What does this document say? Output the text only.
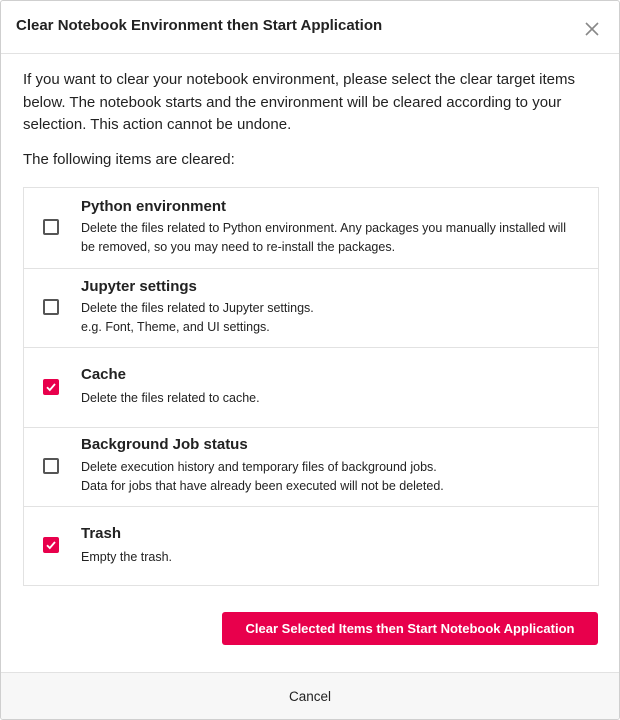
Clear Notebook Environment then Start Application

If you want to clear your notebook environment, please select the clear target items below. The notebook starts and the environment will be cleared according to your selection. This action cannot be undone.

The following items are cleared:

Python environment
Delete the files related to Python environment. Any packages you manually installed will be removed, so you may need to re-install the packages.
Jupyter settings
Delete the files related to Jupyter settings.
e.g. Font, Theme, and UI settings.
Cache
Delete the files related to cache.
Background Job status
Delete execution history and temporary files of background jobs.
Data for jobs that have already been executed will not be deleted.
Trash
Empty the trash.
Clear Selected Items then Start Notebook Application
Cancel
